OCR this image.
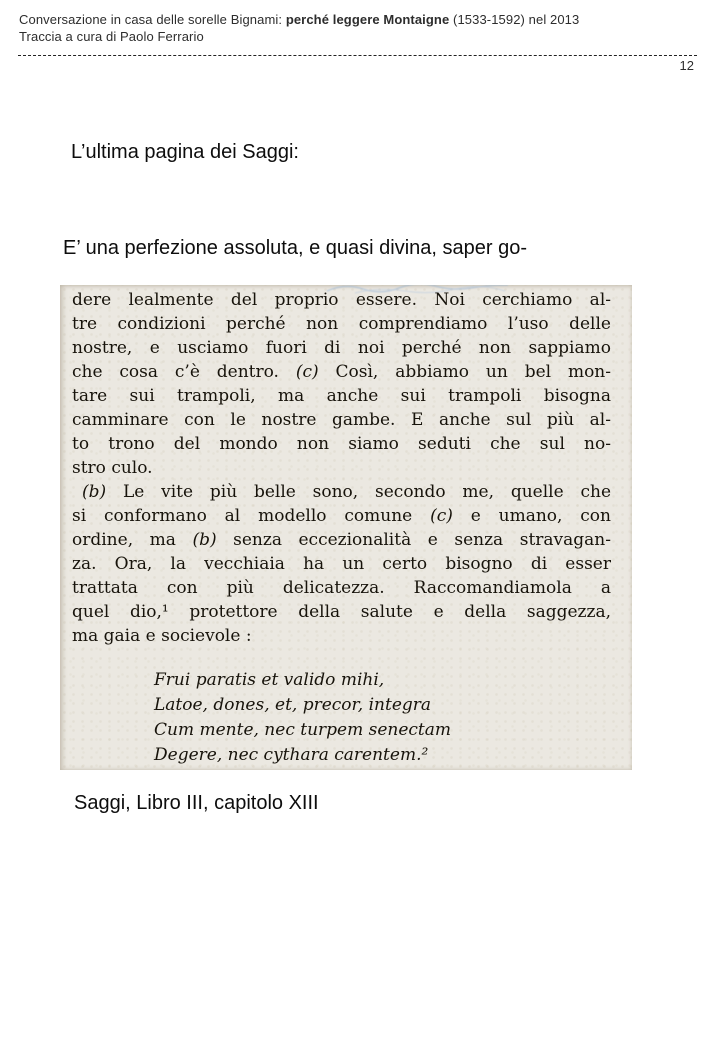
Conversazione in casa delle sorelle Bignami: perché leggere Montaigne (1533-1592) nel 2013
Traccia a cura di Paolo Ferrario
12
L’ultima pagina dei Saggi:
E’ una perfezione assoluta, e quasi divina, saper go-
dere lealmente del proprio essere. Noi cerchiamo al-
tre condizioni perché non comprendiamo l’uso delle
nostre, e usciamo fuori di noi perché non sappiamo
che cosa c’è dentro. (c) Così, abbiamo un bel mon-
tare sui trampoli, ma anche sui trampoli bisogna
camminare con le nostre gambe. E anche sul più al-
to trono del mondo non siamo seduti che sul no-
stro culo.
(b) Le vite più belle sono, secondo me, quelle che
si conformano al modello comune (c) e umano, con
ordine, ma (b) senza eccezionalità e senza stravagan-
za. Ora, la vecchiaia ha un certo bisogno di esser
trattata con più delicatezza. Raccomandiamola a
quel dio,¹ protettore della salute e della saggezza,
ma gaia e socievole :
Frui paratis et valido mihi,
Latoe, dones, et, precor, integra
Cum mente, nec turpem senectam
Degere, nec cythara carentem.²
Saggi, Libro III, capitolo XIII
